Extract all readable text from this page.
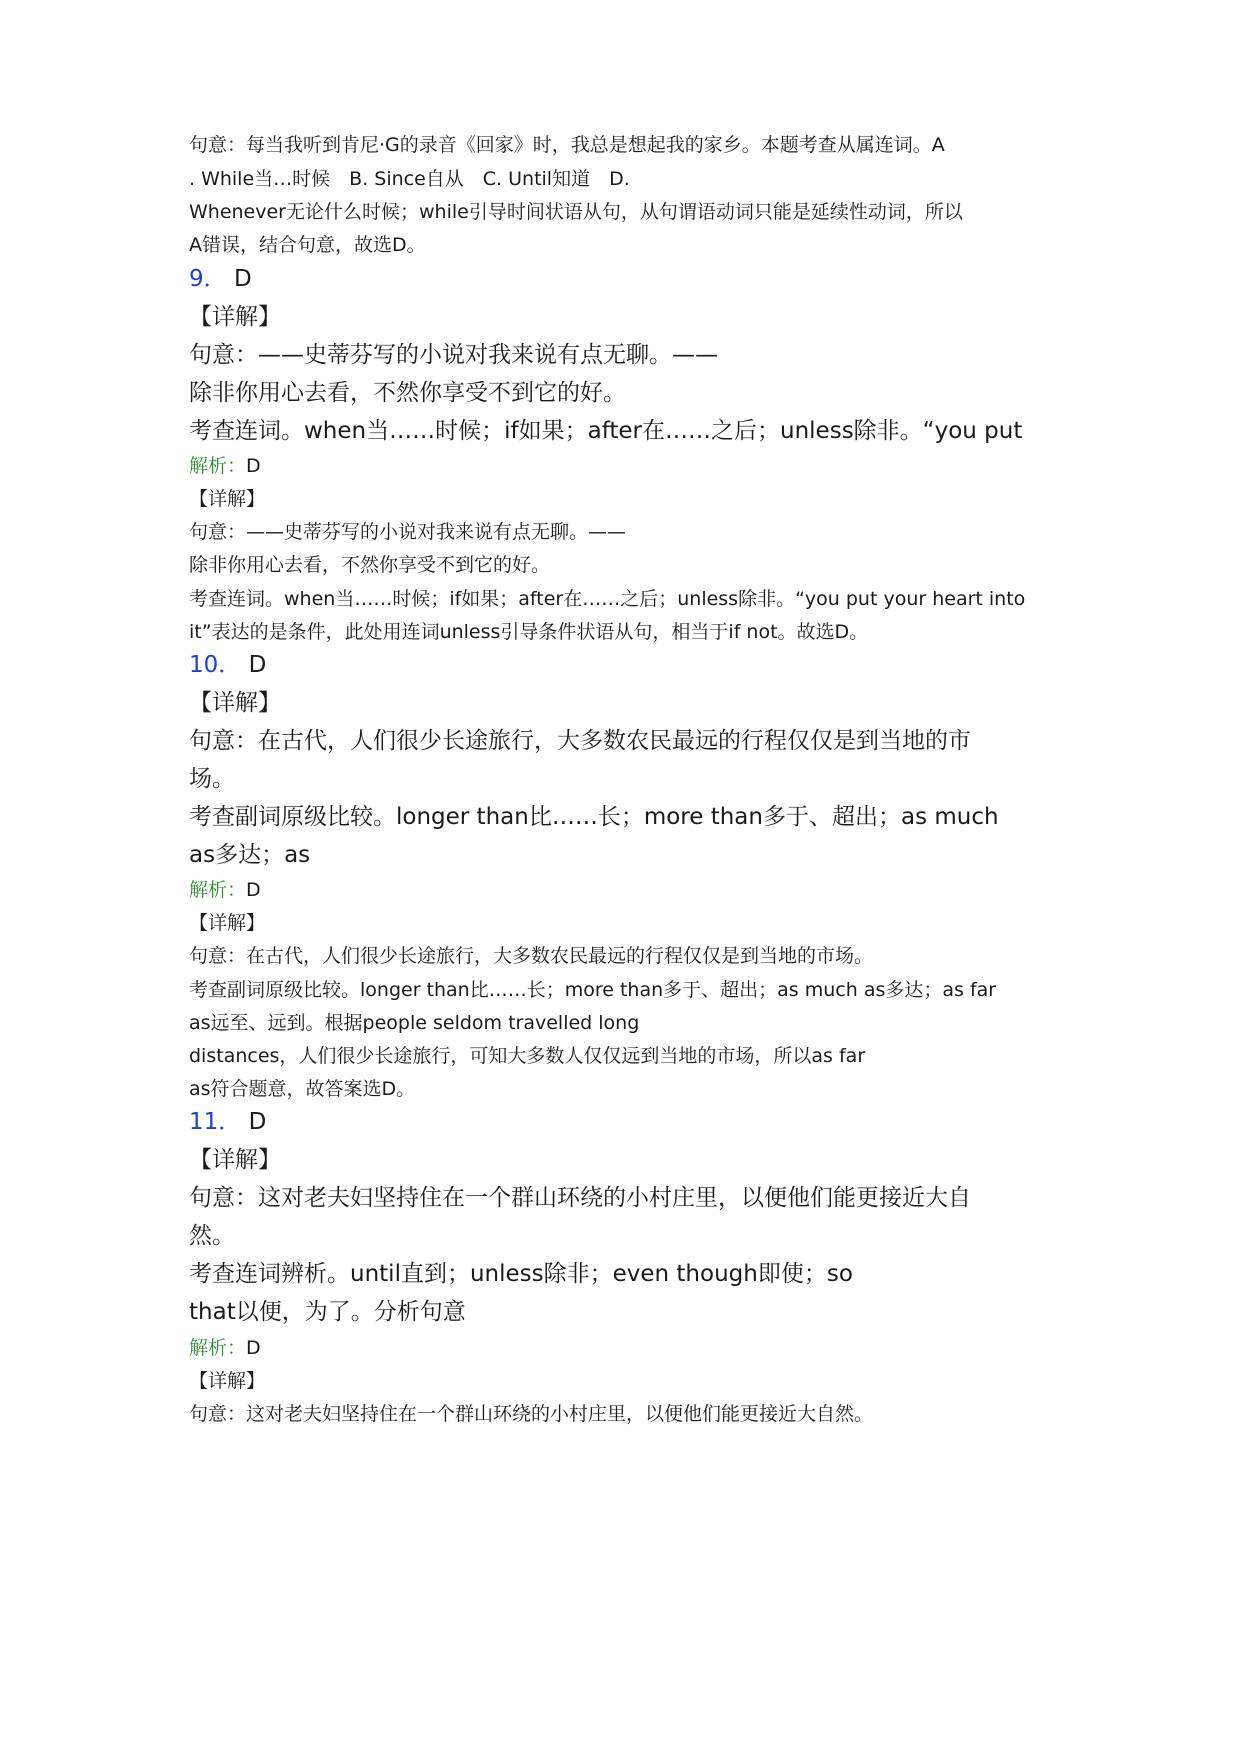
句意：每当我听到肯尼·G的录音《回家》时，我总是想起我的家乡。本题考查从属连词。A
. While当…时候　B. Since自从　C. Until知道　D.
Whenever无论什么时候；while引导时间状语从句，从句谓语动词只能是延续性动词，所以
A错误，结合句意，故选D。
9． D
【详解】
句意：——史蒂芬写的小说对我来说有点无聊。——
除非你用心去看，不然你享受不到它的好。
考查连词。when当……时候；if如果；after在……之后；unless除非。“you put
解析：D
【详解】
句意：——史蒂芬写的小说对我来说有点无聊。——
除非你用心去看，不然你享受不到它的好。
考查连词。when当……时候；if如果；after在……之后；unless除非。“you put your heart into
it”表达的是条件，此处用连词unless引导条件状语从句，相当于if not。故选D。
10． D
【详解】
句意：在古代，人们很少长途旅行，大多数农民最远的行程仅仅是到当地的市
场。
考查副词原级比较。longer than比……长；more than多于、超出；as much
as多达；as
解析：D
【详解】
句意：在古代，人们很少长途旅行，大多数农民最远的行程仅仅是到当地的市场。
考查副词原级比较。longer than比……长；more than多于、超出；as much as多达；as far
as远至、远到。根据people seldom travelled long
distances，人们很少长途旅行，可知大多数人仅仅远到当地的市场，所以as far
as符合题意，故答案选D。
11． D
【详解】
句意：这对老夫妇坚持住在一个群山环绕的小村庄里，以便他们能更接近大自
然。
考查连词辨析。until直到；unless除非；even though即使；so
that以便，为了。分析句意
解析：D
【详解】
句意：这对老夫妇坚持住在一个群山环绕的小村庄里，以便他们能更接近大自然。
